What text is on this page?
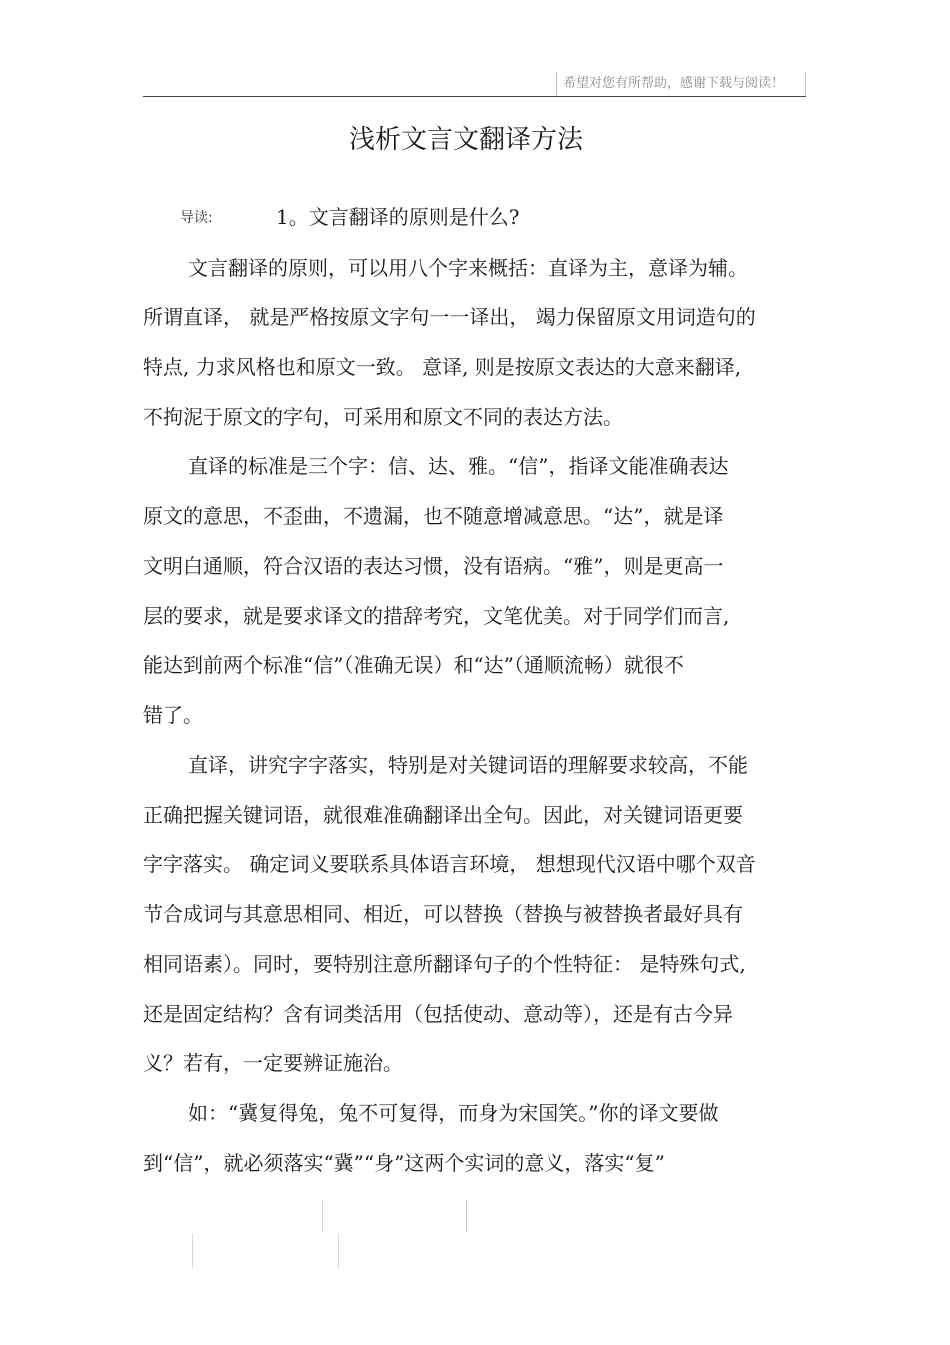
希望对您有所帮助，感谢下载与阅读！
浅析文言文翻译方法
导读:	1。文言翻译的原则是什么?
文言翻译的原则，可以用八个字来概括：直译为主，意译为辅。
所谓直译， 就是严格按原文字句一一译出， 竭力保留原文用词造句的
特点, 力求风格也和原文一致。 意译, 则是按原文表达的大意来翻译,
不拘泥于原文的字句，可采用和原文不同的表达方法。
直译的标准是三个字：信、达、雅。“信”，指译文能准确表达
原文的意思，不歪曲，不遗漏，也不随意增减意思。“达”，就是译
文明白通顺，符合汉语的表达习惯，没有语病。“雅”，则是更高一
层的要求，就是要求译文的措辞考究，文笔优美。对于同学们而言,
能达到前两个标准“信”（准确无误）和“达”（通顺流畅）就很不
错了。
直译，讲究字字落实，特别是对关键词语的理解要求较高，不能
正确把握关键词语，就很难准确翻译出全句。因此，对关键词语更要
字字落实。 确定词义要联系具体语言环境， 想想现代汉语中哪个双音
节合成词与其意思相同、相近，可以替换（替换与被替换者最好具有
相同语素）。同时，要特别注意所翻译句子的个性特征： 是特殊句式,
还是固定结构？含有词类活用（包括使动、意动等），还是有古今异
义？若有，一定要辨证施治。
如：“冀复得兔，兔不可复得，而身为宋国笑。”你的译文要做
到“信”，就必须落实“冀”“身”这两个实词的意义，落实“复”
